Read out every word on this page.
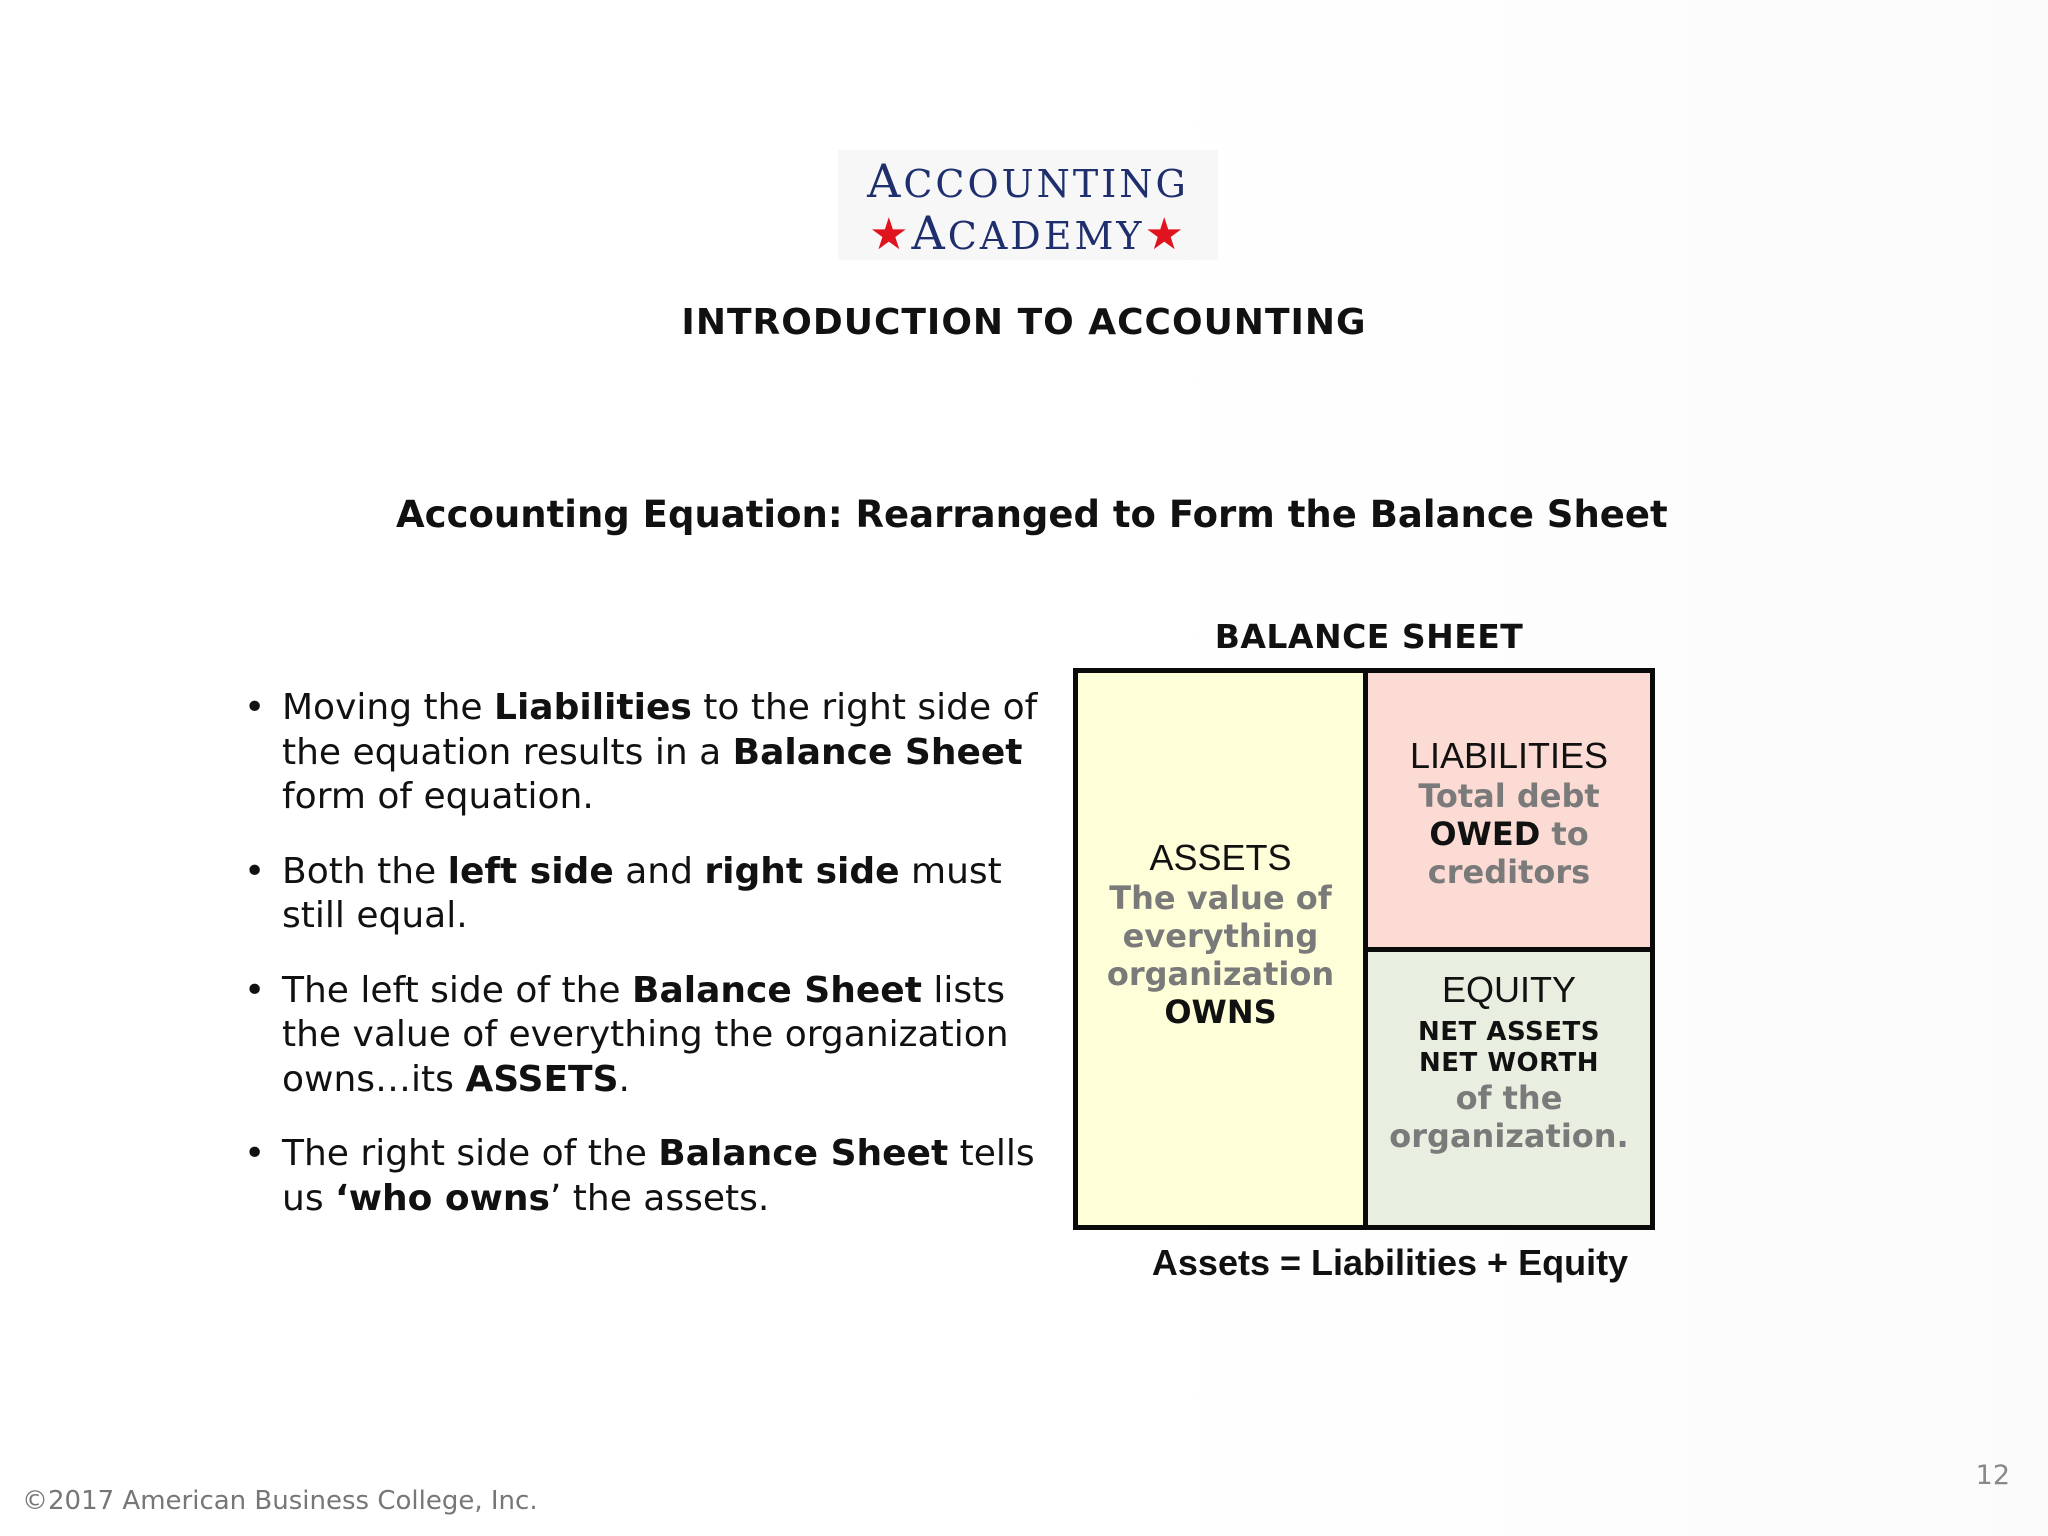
ACCOUNTING
★ACADEMY★
INTRODUCTION TO ACCOUNTING
Accounting Equation: Rearranged to Form the Balance Sheet
• Moving the Liabilities to the right side of the equation results in a Balance Sheet form of equation.
• Both the left side and right side must still equal.
• The left side of the Balance Sheet lists the value of everything the organization owns…its ASSETS.
• The right side of the Balance Sheet tells us ‘who owns’ the assets.
BALANCE SHEET
ASSETS
The value of
everything
organization
OWNS
LIABILITIES
Total debt
OWED to
creditors
EQUITY
NET ASSETS
NET WORTH
of the
organization.
Assets = Liabilities + Equity
©2017 American Business College, Inc.
12
